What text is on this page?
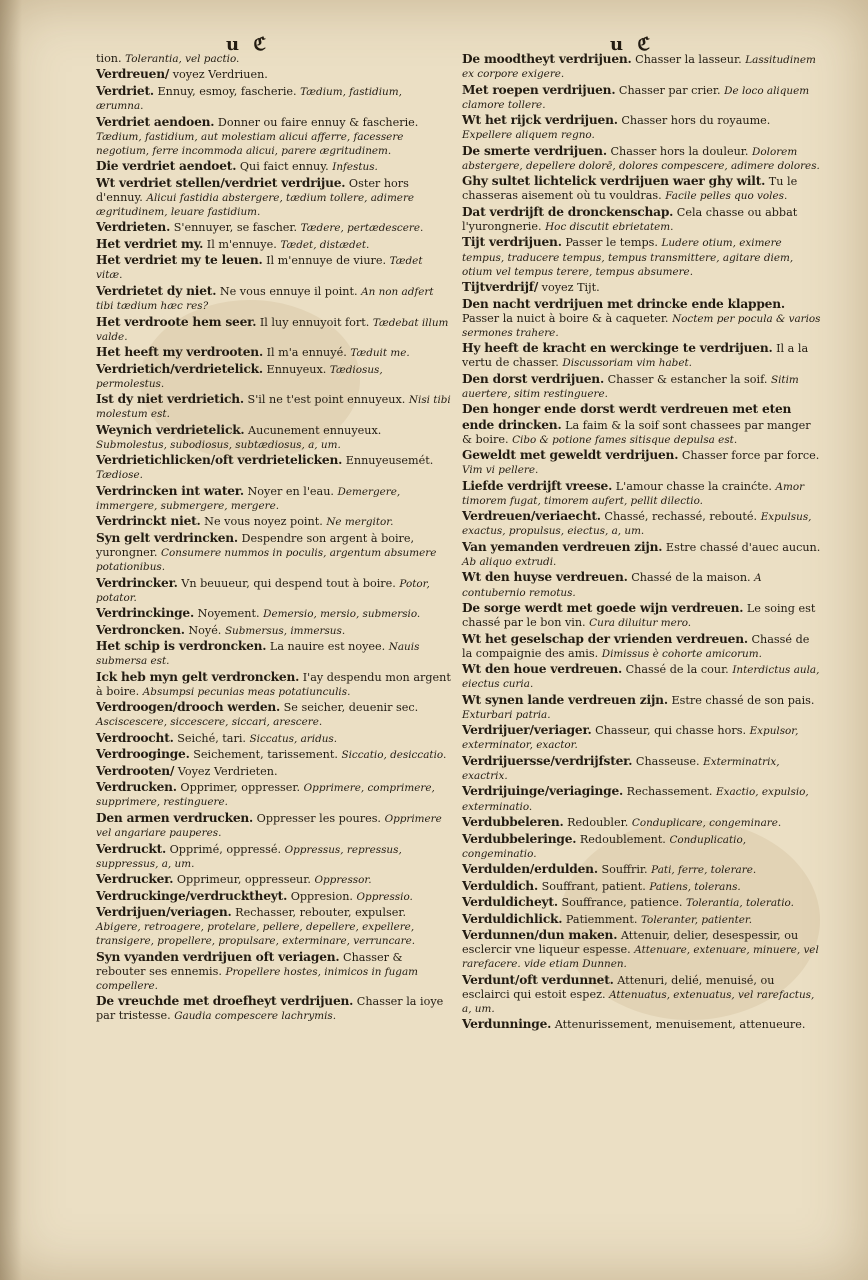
u ℭ	u ℭ
tion. Tolerantia, vel pactio.
Verdreuen/ voyez Verdriuen.
Verdriet. Ennuy, esmoy, fascherie. Tædium, fastidium, ærumna.
Verdriet aendoen. Donner ou faire ennuy & fascherie. Tædium, fastidium, aut molestiam alicui afferre, facessere negotium, ferre incommoda alicui, parere ægritudinem.
Die verdriet aendoet. Qui faict ennuy. Infestus.
Wt verdriet stellen/verdriet verdrijue. Oster hors d'ennuy. Alicui fastidia abstergere, tædium tollere, adimere ægritudinem, leuare fastidium.
Verdrieten. S'ennuyer, se fascher. Tædere, pertædescere.
Het verdriet my. Il m'ennuye. Tædet, distædet.
Het verdriet my te leuen. Il m'ennuye de viure. Tædet vitæ.
Verdrietet dy niet. Ne vous ennuye il point. An non adfert tibi tædium hæc res?
Het verdroote hem seer. Il luy ennuyoit fort. Tædebat illum valde.
Het heeft my verdrooten. Il m'a ennuyé. Tæduit me.
Verdrietich/verdrietelick. Ennuyeux. Tædiosus, permolestus.
Ist dy niet verdrietich. S'il ne t'est point ennuyeux. Nisi tibi molestum est.
Weynich verdrietelick. Aucunement ennuyeux. Submolestus, subodiosus, subtædiosus, a, um.
Verdrietichlicken/oft verdrietelicken. Ennuyeusemét. Tædiose.
Verdrincken int water. Noyer en l'eau. Demergere, immergere, submergere, mergere.
Verdrinckt niet. Ne vous noyez point. Ne mergitor.
Syn gelt verdrincken. Despendre son argent à boire, yurongner. Consumere nummos in poculis, argentum absumere potationibus.
Verdrincker. Vn beuueur, qui despend tout à boire. Potor, potator.
Verdrinckinge. Noyement. Demersio, mersio, submersio.
Verdroncken. Noyé. Submersus, immersus.
Het schip is verdroncken. La nauire est noyee. Nauis submersa est.
Ick heb myn gelt verdroncken. I'ay despendu mon argent à boire. Absumpsi pecunias meas potatiunculis.
Verdroogen/drooch werden. Se seicher, deuenir sec. Asciscescere, siccescere, siccari, arescere.
Verdroocht. Seiché, tari. Siccatus, aridus.
Verdrooginge. Seichement, tarissement. Siccatio, desiccatio.
Verdrooten/ Voyez Verdrieten.
Verdrucken. Opprimer, oppresser. Opprimere, comprimere, supprimere, restinguere.
Den armen verdrucken. Oppresser les poures. Opprimere vel angariare pauperes.
Verdruckt. Opprimé, oppressé. Oppressus, repressus, suppressus, a, um.
Verdrucker. Opprimeur, oppresseur. Oppressor.
Verdruckinge/verdrucktheyt. Oppresion. Oppressio.
Verdrijuen/veriagen. Rechasser, rebouter, expulser. Abigere, retroagere, protelare, pellere, depellere, expellere, transigere, propellere, propulsare, exterminare, verruncare.
Syn vyanden verdrijuen oft veriagen. Chasser & rebouter ses ennemis. Propellere hostes, inimicos in fugam compellere.
De vreuchde met droefheyt verdrijuen. Chasser la ioye par tristesse. Gaudia compescere lachrymis.
De moodtheyt verdrijuen. Chasser la lasseur. Lassitudinem ex corpore exigere.
Met roepen verdrijuen. Chasser par crier. De loco aliquem clamore tollere.
Wt het rijck verdrijuen. Chasser hors du royaume. Expellere aliquem regno.
De smerte verdrijuen. Chasser hors la douleur. Dolorem abstergere, depellere dolorē, dolores compescere, adimere dolores.
Ghy sultet lichtelick verdrijuen waer ghy wilt. Tu le chasseras aisement où tu vouldras. Facile pelles quo voles.
Dat verdrijft de dronckenschap. Cela chasse ou abbat l'yurongnerie. Hoc discutit ebrietatem.
Tijt verdrijuen. Passer le temps. Ludere otium, eximere tempus, traducere tempus, tempus transmittere, agitare diem, otium vel tempus terere, tempus absumere.
Tijtverdrijf/ voyez Tijt.
Den nacht verdrijuen met drincke ende klappen. Passer la nuict à boire & à caqueter. Noctem per pocula & varios sermones trahere.
Hy heeft de kracht en werckinge te verdrijuen. Il a la vertu de chasser. Discussoriam vim habet.
Den dorst verdrijuen. Chasser & estancher la soif. Sitim auertere, sitim restinguere.
Den honger ende dorst werdt verdreuen met eten ende drincken. La faim & la soif sont chassees par manger & boire. Cibo & potione fames sitisque depulsa est.
Geweldt met geweldt verdrijuen. Chasser force par force. Vim vi pellere.
Liefde verdrijft vreese. L'amour chasse la crainćte. Amor timorem fugat, timorem aufert, pellit dilectio.
Verdreuen/veriaecht. Chassé, rechassé, rebouté. Expulsus, exactus, propulsus, eiectus, a, um.
Van yemanden verdreuen zijn. Estre chassé d'auec aucun. Ab aliquo extrudi.
Wt den huyse verdreuen. Chassé de la maison. A contubernio remotus.
De sorge werdt met goede wijn verdreuen. Le soing est chassé par le bon vin. Cura diluitur mero.
Wt het geselschap der vrienden verdreuen. Chassé de la compaignie des amis. Dimissus è cohorte amicorum.
Wt den houe verdreuen. Chassé de la cour. Interdictus aula, eiectus curia.
Wt synen lande verdreuen zijn. Estre chassé de son pais. Exturbari patria.
Verdrijuer/veriager. Chasseur, qui chasse hors. Expulsor, exterminator, exactor.
Verdrijuersse/verdrijfster. Chasseuse. Exterminatrix, exactrix.
Verdrijuinge/veriaginge. Rechassement. Exactio, expulsio, exterminatio.
Verdubbeleren. Redoubler. Conduplicare, congeminare.
Verdubbeleringe. Redoublement. Conduplicatio, congeminatio.
Verdulden/erdulden. Souffrir. Pati, ferre, tolerare.
Verduldich. Souffrant, patient. Patiens, tolerans.
Verduldicheyt. Souffrance, patience. Tolerantia, toleratio.
Verduldichlick. Patiemment. Toleranter, patienter.
Verdunnen/dun maken. Attenuir, delier, desespessir, ou esclercir vne liqueur espesse. Attenuare, extenuare, minuere, vel rarefacere. vide etiam Dunnen.
Verdunt/oft verdunnet. Attenuri, delié, menuisé, ou esclairci qui estoit espez. Attenuatus, extenuatus, vel rarefactus, a, um.
Verdunninge. Attenurissement, menuisement, attenueure.
